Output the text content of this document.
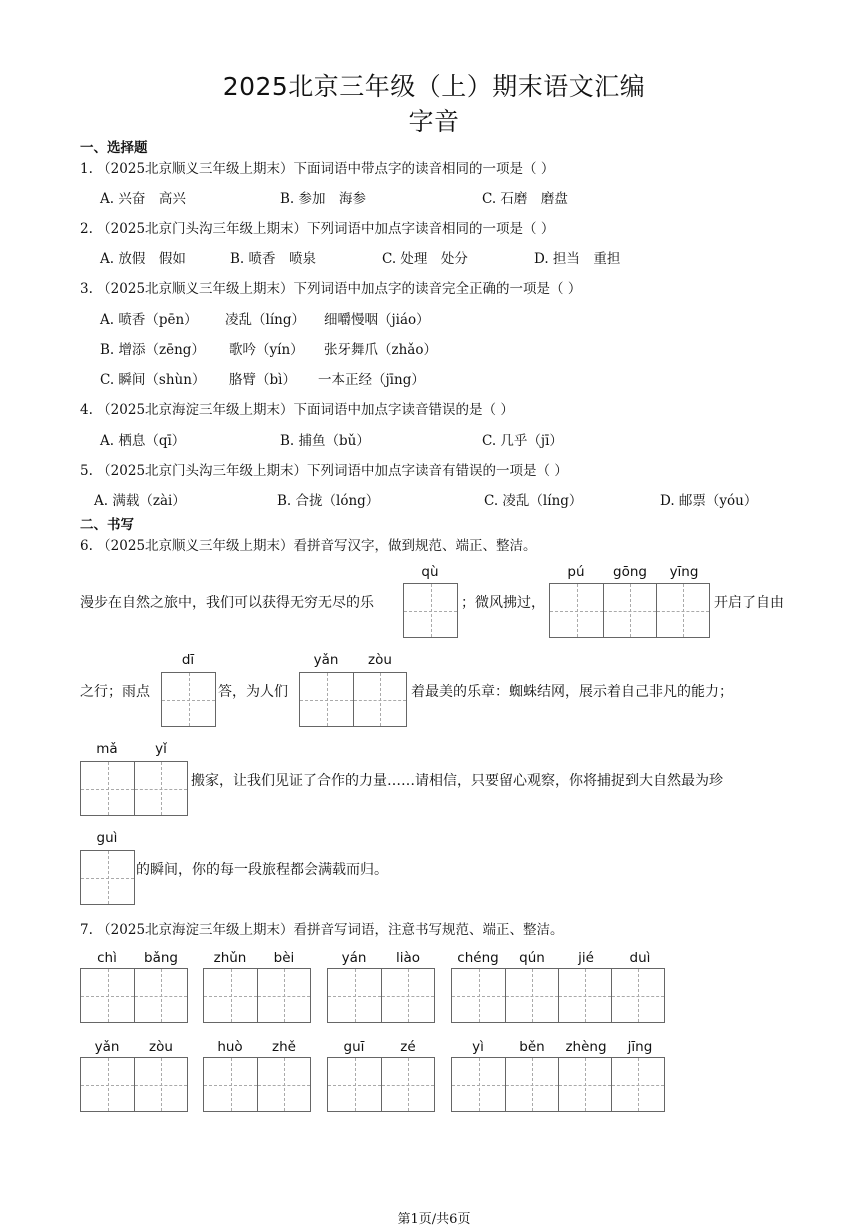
2025北京三年级（上）期末语文汇编
字音
一、选择题
1. （2025北京顺义三年级上期末）下面词语中带点字的读音相同的一项是（ ）
A. 兴奋　高兴	B. 参加　海参	C. 石磨　磨盘
2. （2025北京门头沟三年级上期末）下列词语中加点字读音相同的一项是（ ）
A. 放假　假如	B. 喷香　喷泉	C. 处理　处分	D. 担当　重担
3. （2025北京顺义三年级上期末）下列词语中加点字的读音完全正确的一项是（ ）
A. 喷香（pēn） 凌乱（líng） 细嚼慢咽（jiáo）
B. 增添（zēng） 歌吟（yín） 张牙舞爪（zhǎo）
C. 瞬间（shùn） 胳臂（bì） 一本正经（jīng）
4. （2025北京海淀三年级上期末）下面词语中加点字读音错误的是（ ）
A. 栖息（qī）	B. 捕鱼（bǔ）	C. 几乎（jī）
5. （2025北京门头沟三年级上期末）下列词语中加点字读音有错误的一项是（ ）
A. 满载（zài）	B. 合拢（lóng）	C. 凌乱（líng）	D. 邮票（yóu）
二、书写
6. （2025北京顺义三年级上期末）看拼音写汉字，做到规范、端正、整洁。
漫步在自然之旅中，我们可以获得无穷无尽的乐
qù
；微风拂过，
pú	gōng	yīng
开启了自由
之行；雨点
dī
答，为人们
yǎn	zòu
着最美的乐章：蜘蛛结网，展示着自己非凡的能力；
mǎ	yǐ
搬家，让我们见证了合作的力量……请相信，只要留心观察，你将捕捉到大自然最为珍
guì
的瞬间，你的每一段旅程都会满载而归。
7. （2025北京海淀三年级上期末）看拼音写词语，注意书写规范、端正、整洁。
chì	bǎng	zhǔn	bèi	yán	liào	chéng	qún	jié	duì
yǎn	zòu	huò	zhě	guī	zé	yì	běn	zhèng	jīng
第1页/共6页
